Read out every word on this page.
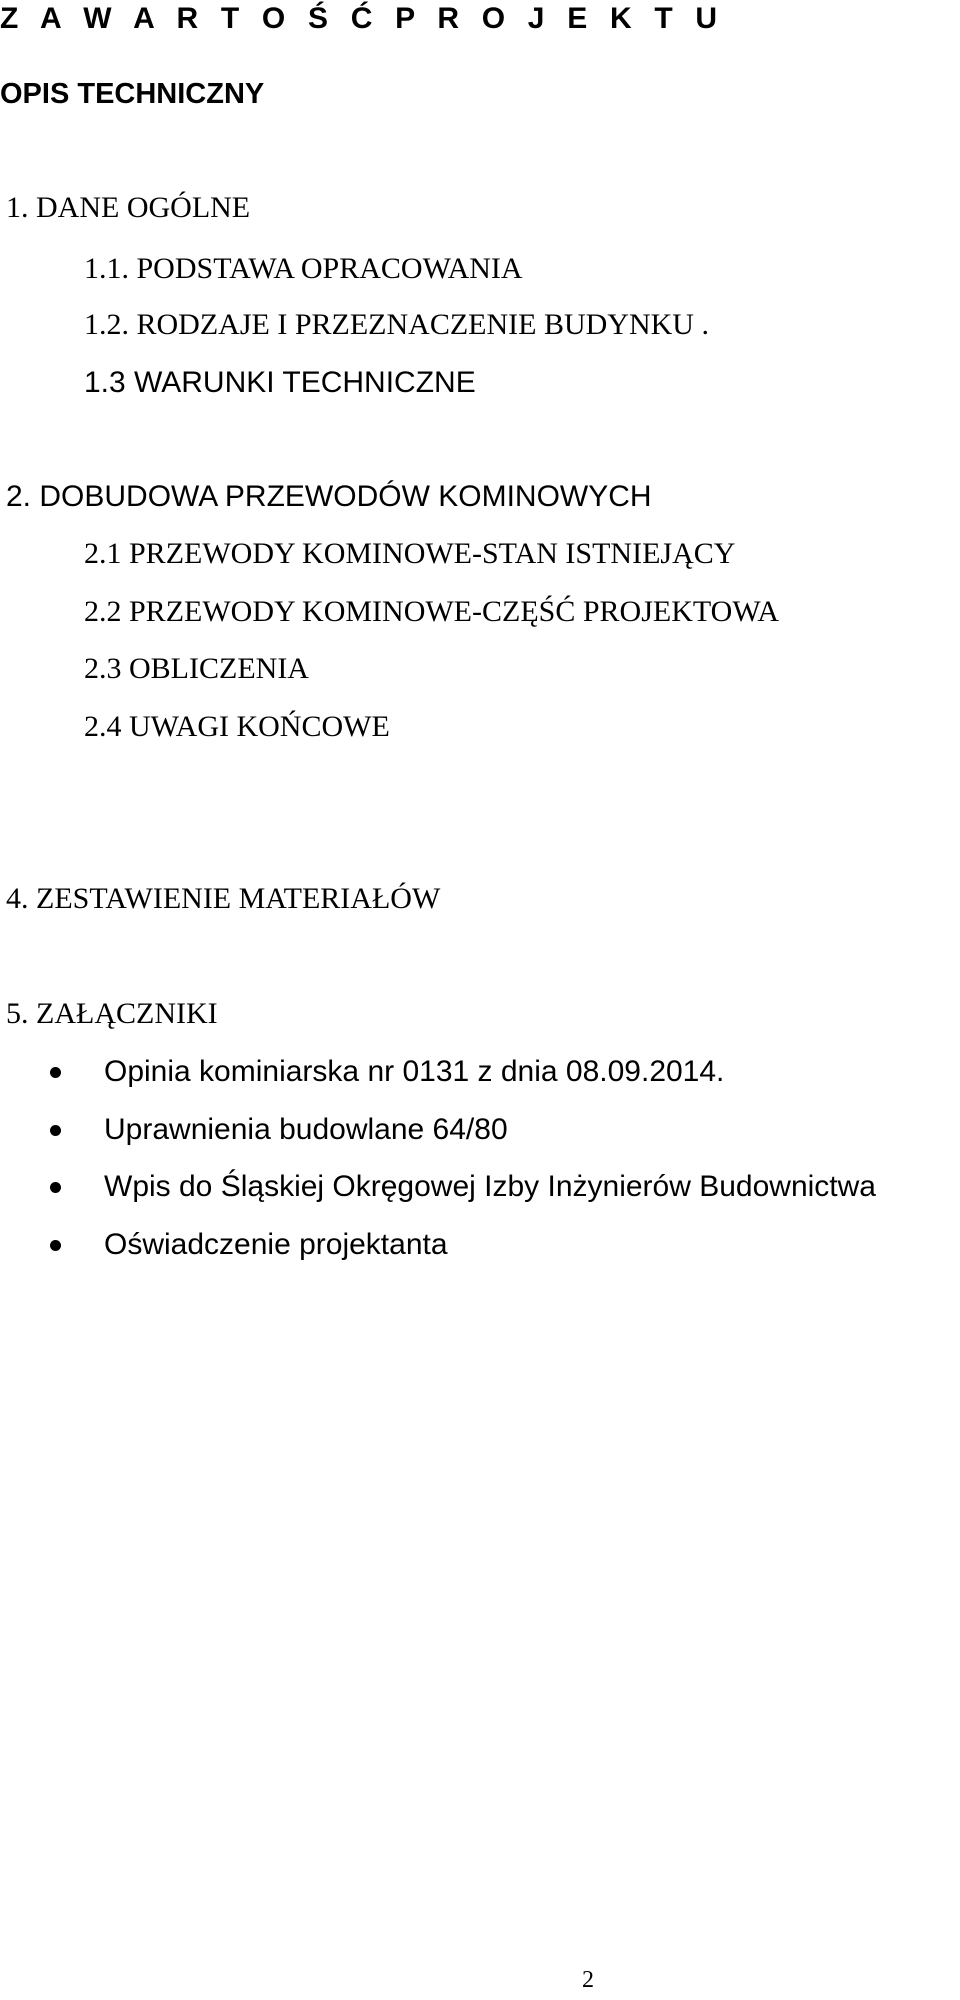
Z A W A R T O Ś Ć P R O J E K T U
OPIS TECHNICZNY
1. DANE OGÓLNE
1.1. PODSTAWA OPRACOWANIA
1.2. RODZAJE I PRZEZNACZENIE BUDYNKU .
1.3 WARUNKI TECHNICZNE
2. DOBUDOWA PRZEWODÓW KOMINOWYCH
2.1 PRZEWODY KOMINOWE-STAN ISTNIEJĄCY
2.2 PRZEWODY KOMINOWE-CZĘŚĆ PROJEKTOWA
2.3 OBLICZENIA
2.4 UWAGI KOŃCOWE
4. ZESTAWIENIE MATERIAŁÓW
5. ZAŁĄCZNIKI
Opinia kominiarska nr 0131 z dnia 08.09.2014.
Uprawnienia budowlane 64/80
Wpis do Śląskiej Okręgowej Izby Inżynierów Budownictwa
Oświadczenie projektanta
2
